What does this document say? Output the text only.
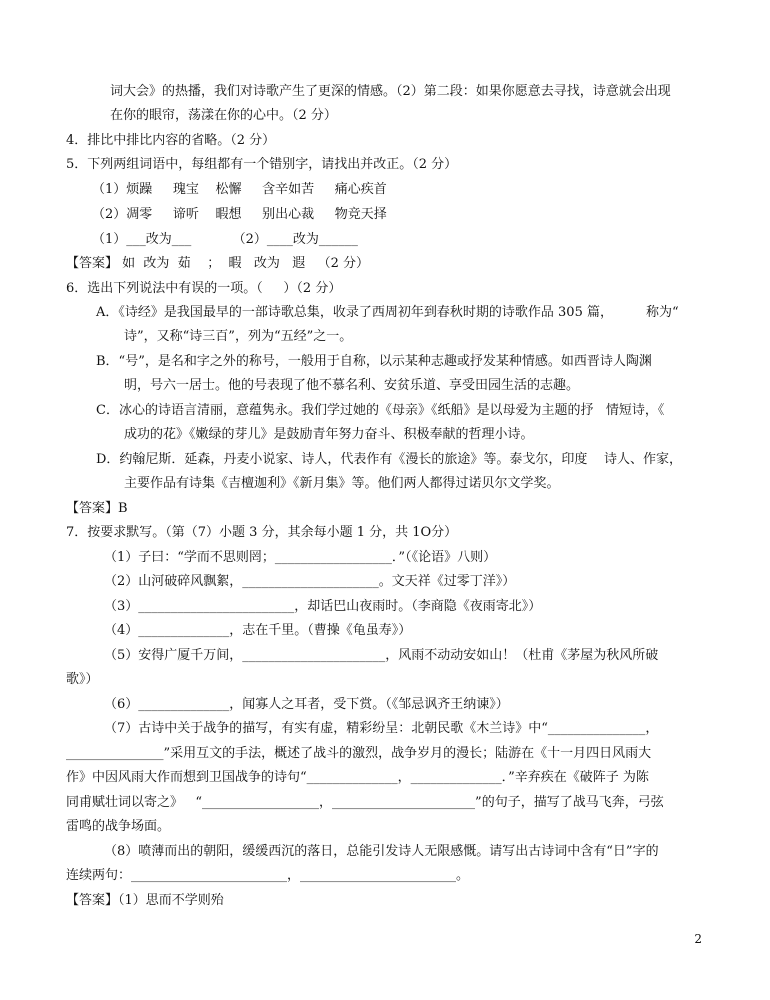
词大会》的热播，我们对诗歌产生了更深的情感。（2）第二段：如果你愿意去寻找，诗意就会出现
在你的眼帘，荡漾在你的心中。（2 分）
4．排比中排比内容的省略。（2 分）
5．下列两组词语中，每组都有一个错别字，请找出并改正。（2 分）
（1）烦躁     瑰宝    松懈     含辛如苦     痛心疾首
（2）凋零     谛听    暇想     别出心裁     物竞天择
（1）___改为___          （2）____改为______
【答案】 如  改为  茹    ；  暇   改为   遐   （2 分）
6．选出下列说法中有误的一项。（     ）（2 分）
A．《诗经》是我国最早的一部诗歌总集，收录了西周初年到春秋时期的诗歌作品 305 篇，        称为“
诗”，又称“诗三百”，列为“五经”之一。
B．“号”，是名和字之外的称号，一般用于自称，以示某种志趣或抒发某种情感。如西晋诗人陶渊
明，号六一居士。他的号表现了他不慕名利、安贫乐道、享受田园生活的志趣。
C．冰心的诗语言清丽，意蕴隽永。我们学过她的《母亲》《纸船》是以母爱为主题的抒   情短诗，《
成功的花》《嫩绿的芽儿》是鼓励青年努力奋斗、积极奉献的哲理小诗。
D．约翰尼斯．延森，丹麦小说家、诗人，代表作有《漫长的旅途》等。泰戈尔，印度    诗人、作家，
主要作品有诗集《吉檀迦利》《新月集》等。他们两人都得过诺贝尔文学奖。
【答案】B
7．按要求默写。（第（7）小题 3 分，其余每小题 1 分，共 1O分）
（1）子曰：“学而不思则罔；__________________．”（《论语》八则）
（2）山河破碎风飘絮，_____________________。文天祥《过零丁洋》）
（3）________________________，却话巴山夜雨时。（李商隐《夜雨寄北》）
（4）______________，志在千里。（曹操《龟虽寿》）
（5）安得广厦千万间，______________________，风雨不动动安如山！（杜甫《茅屋为秋风所破
歌》）
（6）______________，闻寡人之耳者，受下赏。（《邹忌讽齐王纳谏》）
（7）古诗中关于战争的描写，有实有虚，精彩纷呈：北朝民歌《木兰诗》中“_______________，
_______________”采用互文的手法，概述了战斗的激烈，战争岁月的漫长；陆游在《十一月四日风雨大
作》中因风雨大作而想到卫国战争的诗句“______________，______________．”辛弃疾在《破阵子 为陈
同甫赋壮词以寄之》   “__________________，______________________”的句子，描写了战马飞奔，弓弦
雷鸣的战争场面。
（8）喷薄而出的朝阳，缓缓西沉的落日，总能引发诗人无限感慨。请写出古诗词中含有“日”字的
连续两句：________________________，________________________。
【答案】（1）思而不学则殆
2
